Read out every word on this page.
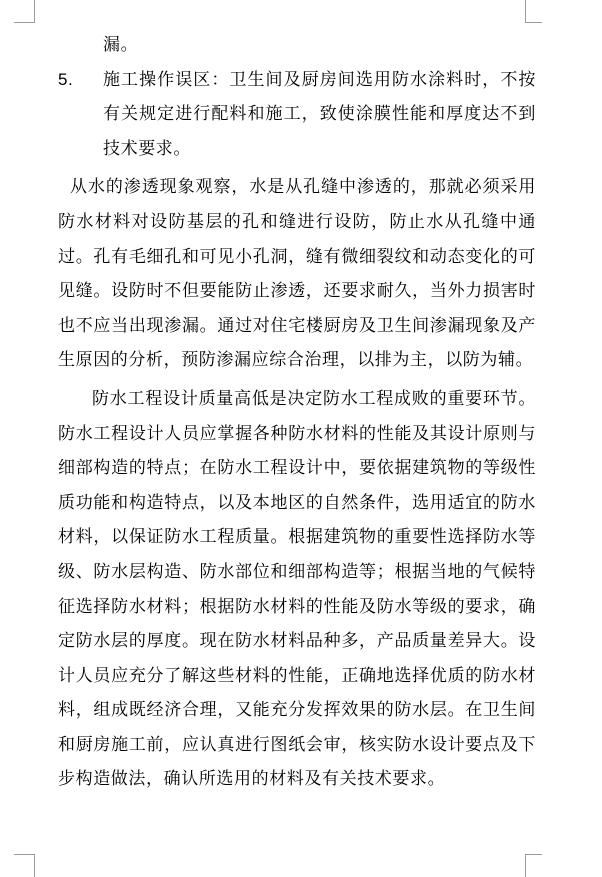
漏。
5.	施工操作误区：卫生间及厨房间选用防水涂料时，不按有关规定进行配料和施工，致使涂膜性能和厚度达不到技术要求。

从水的渗透现象观察，水是从孔缝中渗透的，那就必须采用防水材料对设防基层的孔和缝进行设防，防止水从孔缝中通过。孔有毛细孔和可见小孔洞，缝有微细裂纹和动态变化的可见缝。设防时不但要能防止渗透，还要求耐久，当外力损害时也不应当出现渗漏。通过对住宅楼厨房及卫生间渗漏现象及产生原因的分析，预防渗漏应综合治理，以排为主，以防为辅。

防水工程设计质量高低是决定防水工程成败的重要环节。防水工程设计人员应掌握各种防水材料的性能及其设计原则与细部构造的特点；在防水工程设计中，要依据建筑物的等级性质功能和构造特点，以及本地区的自然条件，选用适宜的防水材料，以保证防水工程质量。根据建筑物的重要性选择防水等级、防水层构造、防水部位和细部构造等；根据当地的气候特征选择防水材料；根据防水材料的性能及防水等级的要求，确定防水层的厚度。现在防水材料品种多，产品质量差异大。设计人员应充分了解这些材料的性能，正确地选择优质的防水材料，组成既经济合理，又能充分发挥效果的防水层。在卫生间和厨房施工前，应认真进行图纸会审，核实防水设计要点及下步构造做法，确认所选用的材料及有关技术要求。
